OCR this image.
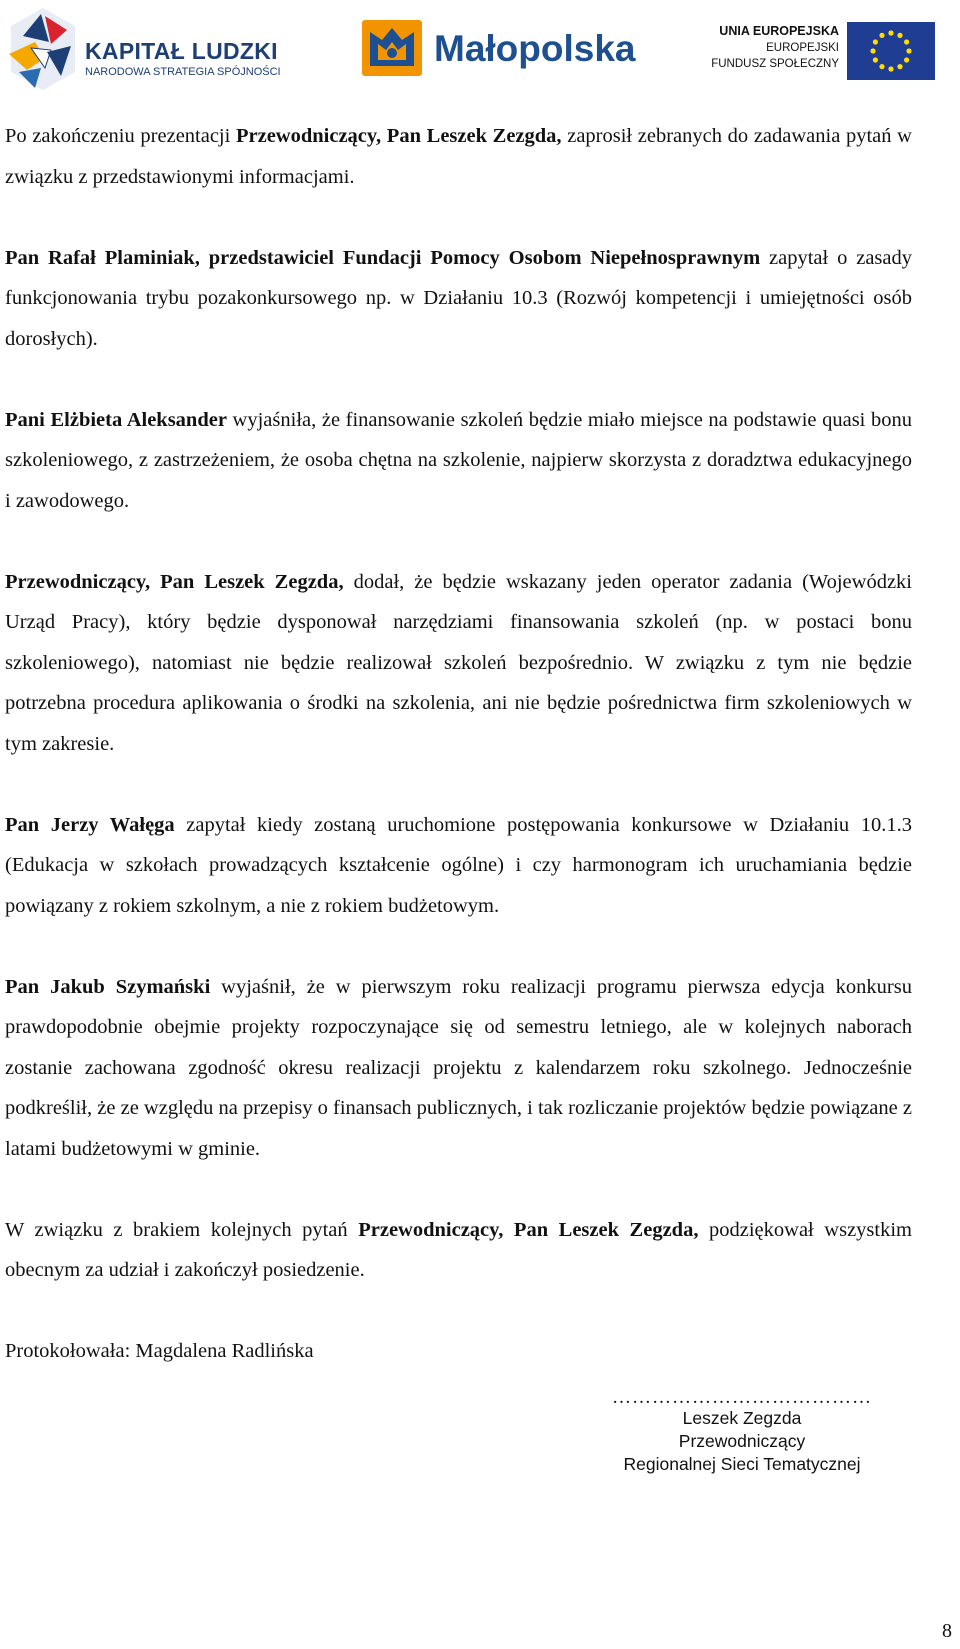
KAPITAŁ LUDZKI
NARODOWA STRATEGIA SPÓJNOŚCI
Małopolska	UNIA EUROPEJSKA
EUROPEJSKI
FUNDUSZ SPOŁECZNY

Po zakończeniu prezentacji Przewodniczący, Pan Leszek Zezgda, zaprosił zebranych do zadawania pytań w związku z przedstawionymi informacjami.

Pan Rafał Plaminiak, przedstawiciel Fundacji Pomocy Osobom Niepełnosprawnym zapytał o zasady funkcjonowania trybu pozakonkursowego np. w Działaniu 10.3 (Rozwój kompetencji i umiejętności osób dorosłych).

Pani Elżbieta Aleksander wyjaśniła, że finansowanie szkoleń będzie miało miejsce na podstawie quasi bonu szkoleniowego, z zastrzeżeniem, że osoba chętna na szkolenie, najpierw skorzysta z doradztwa edukacyjnego i zawodowego.

Przewodniczący, Pan Leszek Zegzda, dodał, że będzie wskazany jeden operator zadania (Wojewódzki Urząd Pracy), który będzie dysponował narzędziami finansowania szkoleń (np. w postaci bonu szkoleniowego), natomiast nie będzie realizował szkoleń bezpośrednio. W związku z tym nie będzie potrzebna procedura aplikowania o środki na szkolenia, ani nie będzie pośrednictwa firm szkoleniowych w tym zakresie.

Pan Jerzy Wałęga zapytał kiedy zostaną uruchomione postępowania konkursowe w Działaniu 10.1.3 (Edukacja w szkołach prowadzących kształcenie ogólne) i czy harmonogram ich uruchamiania będzie powiązany z rokiem szkolnym, a nie z rokiem budżetowym.

Pan Jakub Szymański wyjaśnił, że w pierwszym roku realizacji programu pierwsza edycja konkursu prawdopodobnie obejmie projekty rozpoczynające się od semestru letniego, ale w kolejnych naborach zostanie zachowana zgodność okresu realizacji projektu z kalendarzem roku szkolnego. Jednocześnie podkreślił, że ze względu na przepisy o finansach publicznych, i tak rozliczanie projektów będzie powiązane z latami budżetowymi w gminie.

W związku z brakiem kolejnych pytań Przewodniczący, Pan Leszek Zegzda, podziękował wszystkim obecnym za udział i zakończył posiedzenie.

Protokołowała: Magdalena Radlińska

…………………………………
Leszek Zegzda
Przewodniczący
Regionalnej Sieci Tematycznej
8
